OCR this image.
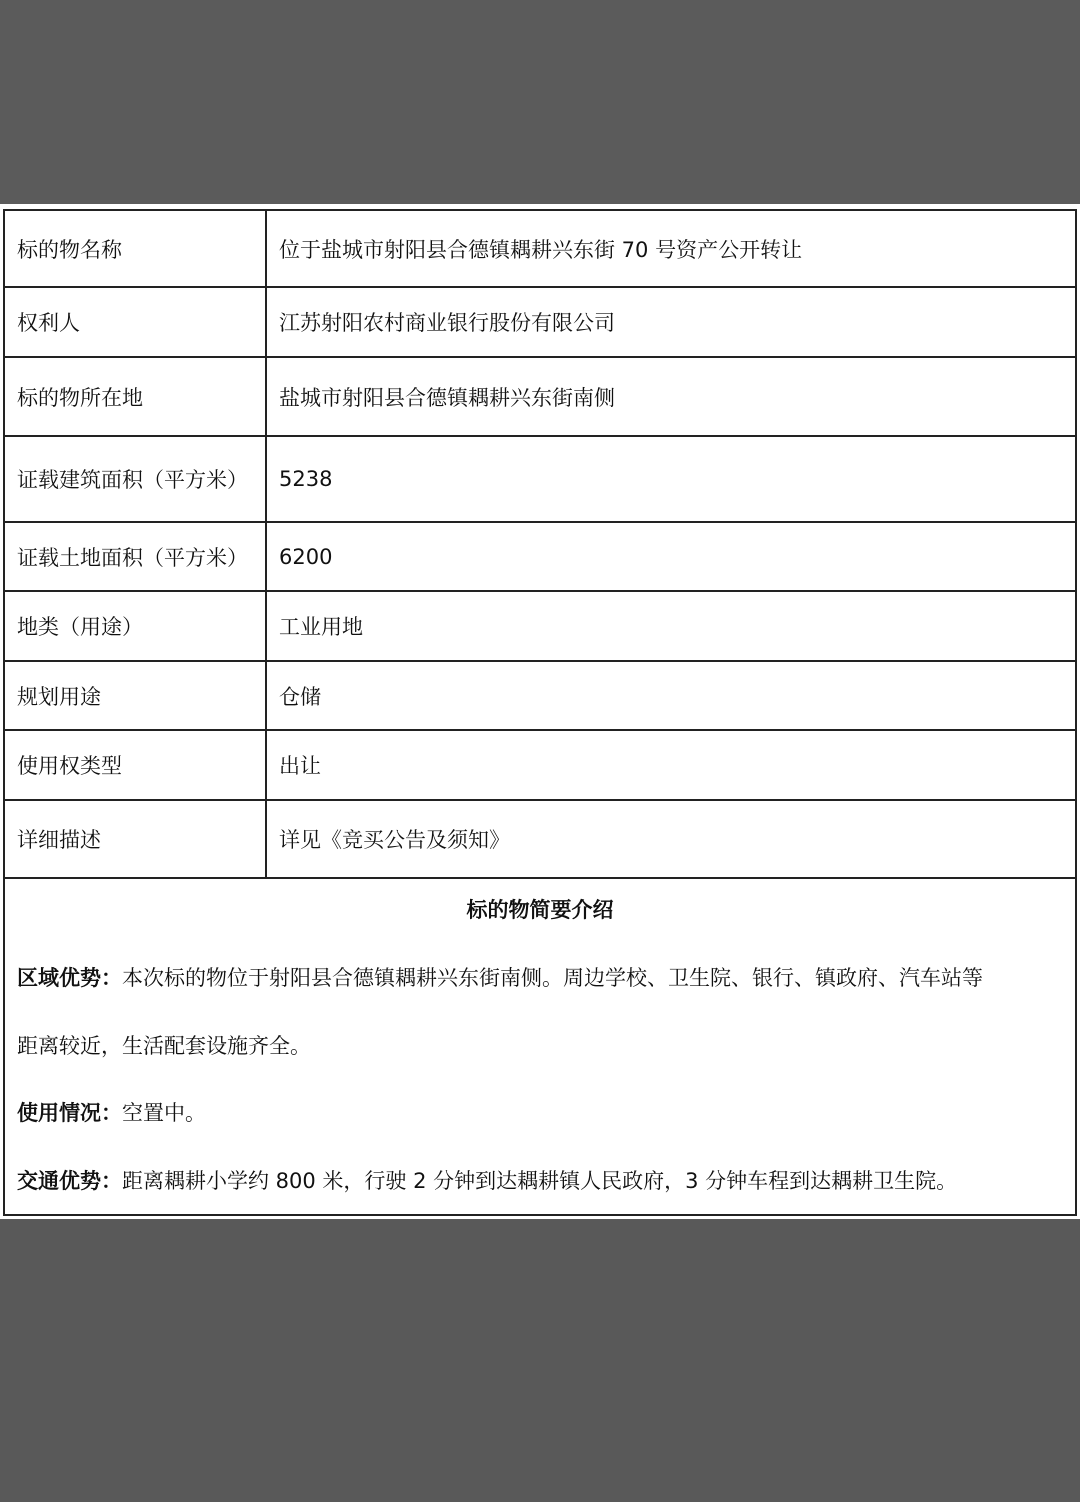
标的物名称	位于盐城市射阳县合德镇耦耕兴东街 70 号资产公开转让
权利人	江苏射阳农村商业银行股份有限公司
标的物所在地	盐城市射阳县合德镇耦耕兴东街南侧
证载建筑面积（平方米）	5238
证载土地面积（平方米）	6200
地类（用途）	工业用地
规划用途	仓储
使用权类型	出让
详细描述	详见《竞买公告及须知》
标的物简要介绍
区域优势：本次标的物位于射阳县合德镇耦耕兴东街南侧。周边学校、卫生院、银行、镇政府、汽车站等
距离较近，生活配套设施齐全。
使用情况：空置中。
交通优势：距离耦耕小学约 800 米，行驶 2 分钟到达耦耕镇人民政府，3 分钟车程到达耦耕卫生院。
